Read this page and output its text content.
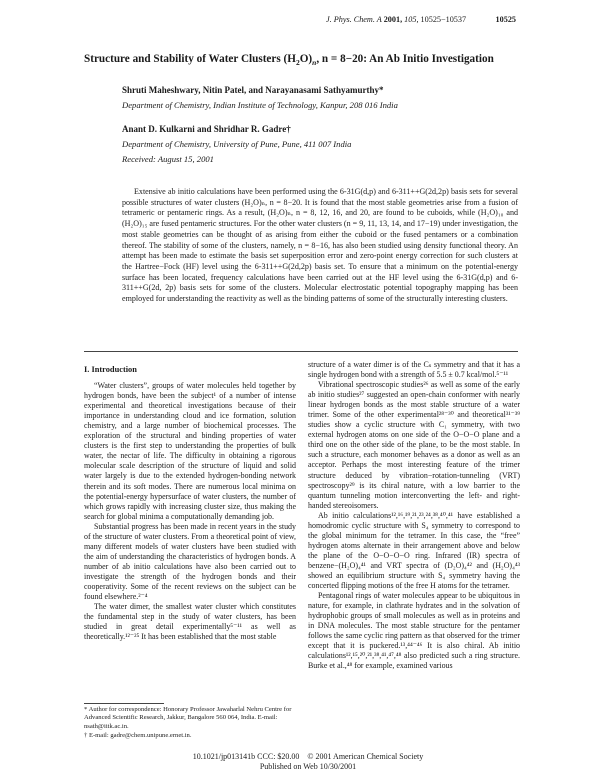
J. Phys. Chem. A 2001, 105, 10525−10537	10525
Structure and Stability of Water Clusters $(H_2O)_n$, n = 8−20: An Ab Initio Investigation
Shruti Maheshwary, Nitin Patel, and Narayanasami Sathyamurthy*
Department of Chemistry, Indian Institute of Technology, Kanpur, 208 016 India
Anant D. Kulkarni and Shridhar R. Gadre†
Department of Chemistry, University of Pune, Pune, 411 007 India
Received: August 15, 2001

Extensive ab initio calculations have been performed using the 6-31G(d,p) and 6-311++G(2d,2p) basis sets for several possible structures of water clusters (H₂O)ₙ, n = 8−20. It is found that the most stable geometries arise from a fusion of tetrameric or pentameric rings. As a result, (H₂O)ₙ, n = 8, 12, 16, and 20, are found to be cuboids, while (H₂O)₁₀ and (H₂O)₁₅ are fused pentameric structures. For the other water clusters (n = 9, 11, 13, 14, and 17−19) under investigation, the most stable geometries can be thought of as arising from either the cuboid or the fused pentamers or a combination thereof. The stability of some of the clusters, namely, n = 8−16, has also been studied using density functional theory. An attempt has been made to estimate the basis set superposition error and zero-point energy correction for such clusters at the Hartree−Fock (HF) level using the 6-311++G(2d,2p) basis set. To ensure that a minimum on the potential-energy surface has been located, frequency calculations have been carried out at the HF level using the 6-31G(d,p) and 6-311++G(2d, 2p) basis sets for some of the clusters. Molecular electrostatic potential topography mapping has been employed for understanding the reactivity as well as the binding patterns of some of the structurally interesting clusters.

I. Introduction

“Water clusters”, groups of water molecules held together by hydrogen bonds, have been the subject¹ of a number of intense experimental and theoretical investigations because of their importance in understanding cloud and ice formation, solution chemistry, and a large number of biochemical processes. The exploration of the structural and binding properties of water clusters is the first step to understanding the properties of bulk water, the nectar of life. The difficulty in obtaining a rigorous molecular scale description of the structure of liquid and solid water largely is due to the extended hydrogen-bonding network therein and its soft modes. There are numerous local minima on the potential-energy hypersurface of water clusters, the number of which grows rapidly with increasing cluster size, thus making the search for global minima a computationally demanding job.

Substantial progress has been made in recent years in the study of the structure of water clusters. From a theoretical point of view, many different models of water clusters have been studied with the aim of understanding the characteristics of hydrogen bonds. A number of ab initio calculations have also been carried out to investigate the strength of the hydrogen bonds and their cooperativity. Some of the recent reviews on the subject can be found elsewhere.²⁻⁴

The water dimer, the smallest water cluster which constitutes the fundamental step in the study of water clusters, has been studied in great detail experimentally⁵⁻¹¹ as well as theoretically.¹²⁻²⁵ It has been established that the most stable

structure of a water dimer is of the Cₛ symmetry and that it has a single hydrogen bond with a strength of 5.5 ± 0.7 kcal/mol.⁵⁻¹¹

Vibrational spectroscopic studies²⁶ as well as some of the early ab initio studies²⁷ suggested an open-chain conformer with nearly linear hydrogen bonds as the most stable structure of a water trimer. Some of the other experimental²⁸⁻³⁰ and theoretical³¹⁻³⁹ studies show a cyclic structure with C₁ symmetry, with two external hydrogen atoms on one side of the O−O−O plane and a third one on the other side of the plane, to be the most stable. In such a structure, each monomer behaves as a donor as well as an acceptor. Perhaps the most interesting feature of the trimer structure deduced by vibration−rotation-tunneling (VRT) spectroscopy²⁹ is its chiral nature, with a low barrier to the quantum tunneling motion interconverting the left- and right-handed stereoisomers.

Ab initio calculations¹²,¹⁶,¹⁹,²¹,²³,²⁴,³⁸,⁴⁰,⁴¹ have established a homodromic cyclic structure with S₄ symmetry to correspond to the global minimum for the tetramer. In this case, the “free” hydrogen atoms alternate in their arrangement above and below the plane of the O−O−O−O ring. Infrared (IR) spectra of benzene−(H₂O)₄⁴¹ and VRT spectra of (D₂O)₄⁴² and (H₂O)₄⁴³ showed an equilibrium structure with S₄ symmetry having the concerted flipping motions of the free H atoms for the tetramer.

Pentagonal rings of water molecules appear to be ubiquitous in nature, for example, in clathrate hydrates and in the solvation of hydrophobic groups of small molecules as well as in proteins and in DNA molecules. The most stable structure for the pentamer follows the same cyclic ring pattern as that observed for the trimer except that it is puckered.¹³,⁴⁴⁻⁴⁶ It is also chiral. Ab initio calculations¹²,¹⁵,²⁰,²¹,³⁸,⁴¹,⁴⁷,⁴⁸ also predicted such a ring structure. Burke et al.,⁴⁸ for example, examined various

* Author for correspondence: Honorary Professor Jawaharlal Nehru Centre for Advanced Scientific Research, Jakkur, Bangalore 560 064, India. E-mail: nsath@iitk.ac.in.
† E-mail: gadre@chem.unipune.ernet.in.
10.1021/jp013141b CCC: $20.00    © 2001 American Chemical Society
Published on Web 10/30/2001
